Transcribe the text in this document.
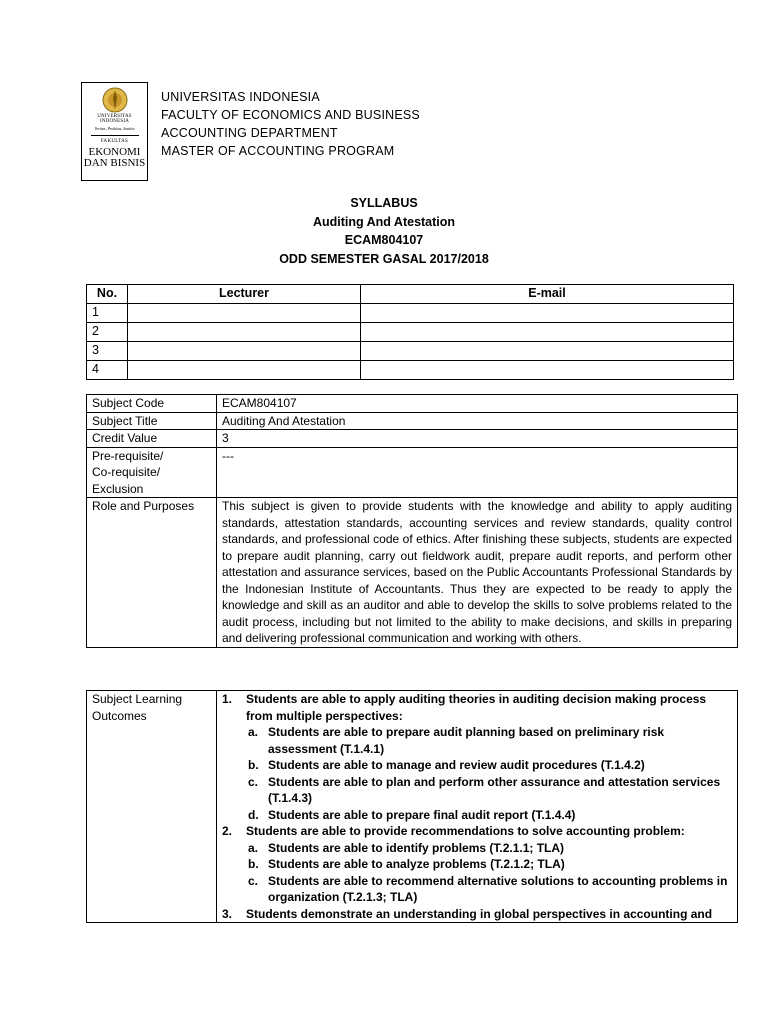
UNIVERSITAS
INDONESIA
Veritas, Probitas, Iustitia
FAKULTAS
EKONOMI
DAN BISNIS
UNIVERSITAS INDONESIA
FACULTY OF ECONOMICS AND BUSINESS
ACCOUNTING DEPARTMENT
MASTER OF ACCOUNTING PROGRAM
SYLLABUS
Auditing And Atestation
ECAM804107
ODD SEMESTER GASAL 2017/2018
No.	Lecturer	E-mail
1		
2		
3		
4		
Subject Code	ECAM804107
Subject Title	Auditing And Atestation
Credit Value	3

Pre-requisite/
Co-requisite/
Exclusion	---
Role and Purposes	This subject is given to provide students with the knowledge and ability to apply auditing standards, attestation standards, accounting services and review standards, quality control standards, and professional code of ethics. After finishing these subjects, students are expected to prepare audit planning, carry out fieldwork audit, prepare audit reports, and perform other attestation and assurance services, based on the Public Accountants Professional Standards by the Indonesian Institute of Accountants. Thus they are expected to be ready to apply the knowledge and skill as an auditor and able to develop the skills to solve problems related to the audit process, including but not limited to the ability to make decisions, and skills in preparing and delivering professional communication and working with others.
Subject Learning
Outcomes

1. Students are able to apply auditing theories in auditing decision making process from multiple perspectives:
a. Students are able to prepare audit planning based on preliminary risk assessment (T.1.4.1)
b. Students are able to manage and review audit procedures (T.1.4.2)
c. Students are able to plan and perform other assurance and attestation services (T.1.4.3)
d. Students are able to prepare final audit report (T.1.4.4)
2. Students are able to provide recommendations to solve accounting problem:
a. Students are able to identify problems (T.2.1.1; TLA)
b. Students are able to analyze problems (T.2.1.2; TLA)
c. Students are able to recommend alternative solutions to accounting problems in organization (T.2.1.3; TLA)
3. Students demonstrate an understanding in global perspectives in accounting and
